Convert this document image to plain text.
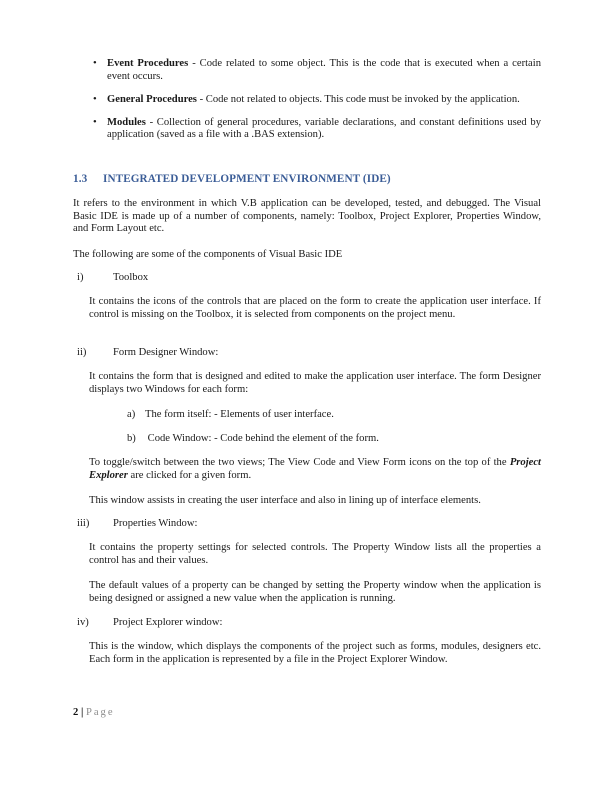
• Event Procedures - Code related to some object. This is the code that is executed when a certain event occurs.
• General Procedures - Code not related to objects. This code must be invoked by the application.
• Modules - Collection of general procedures, variable declarations, and constant definitions used by application (saved as a file with a .BAS extension).
1.3 INTEGRATED DEVELOPMENT ENVIRONMENT (IDE)

It refers to the environment in which V.B application can be developed, tested, and debugged. The Visual Basic IDE is made up of a number of components, namely: Toolbox, Project Explorer, Properties Window, and Form Layout etc.

The following are some of the components of Visual Basic IDE

i)	Toolbox

It contains the icons of the controls that are placed on the form to create the application user interface. If control is missing on the Toolbox, it is selected from components on the project menu.

ii)	Form Designer Window:

It contains the form that is designed and edited to make the application user interface. The form Designer displays two Windows for each form:

a) The form itself: - Elements of user interface.
b) Code Window: - Code behind the element of the form.

To toggle/switch between the two views; The View Code and View Form icons on the top of the Project Explorer are clicked for a given form.

This window assists in creating the user interface and also in lining up of interface elements.

iii) Properties Window:

It contains the property settings for selected controls. The Property Window lists all the properties a control has and their values.

The default values of a property can be changed by setting the Property window when the application is being designed or assigned a new value when the application is running.

iv) Project Explorer window:

This is the window, which displays the components of the project such as forms, modules, designers etc. Each form in the application is represented by a file in the Project Explorer Window.

2 | Page
